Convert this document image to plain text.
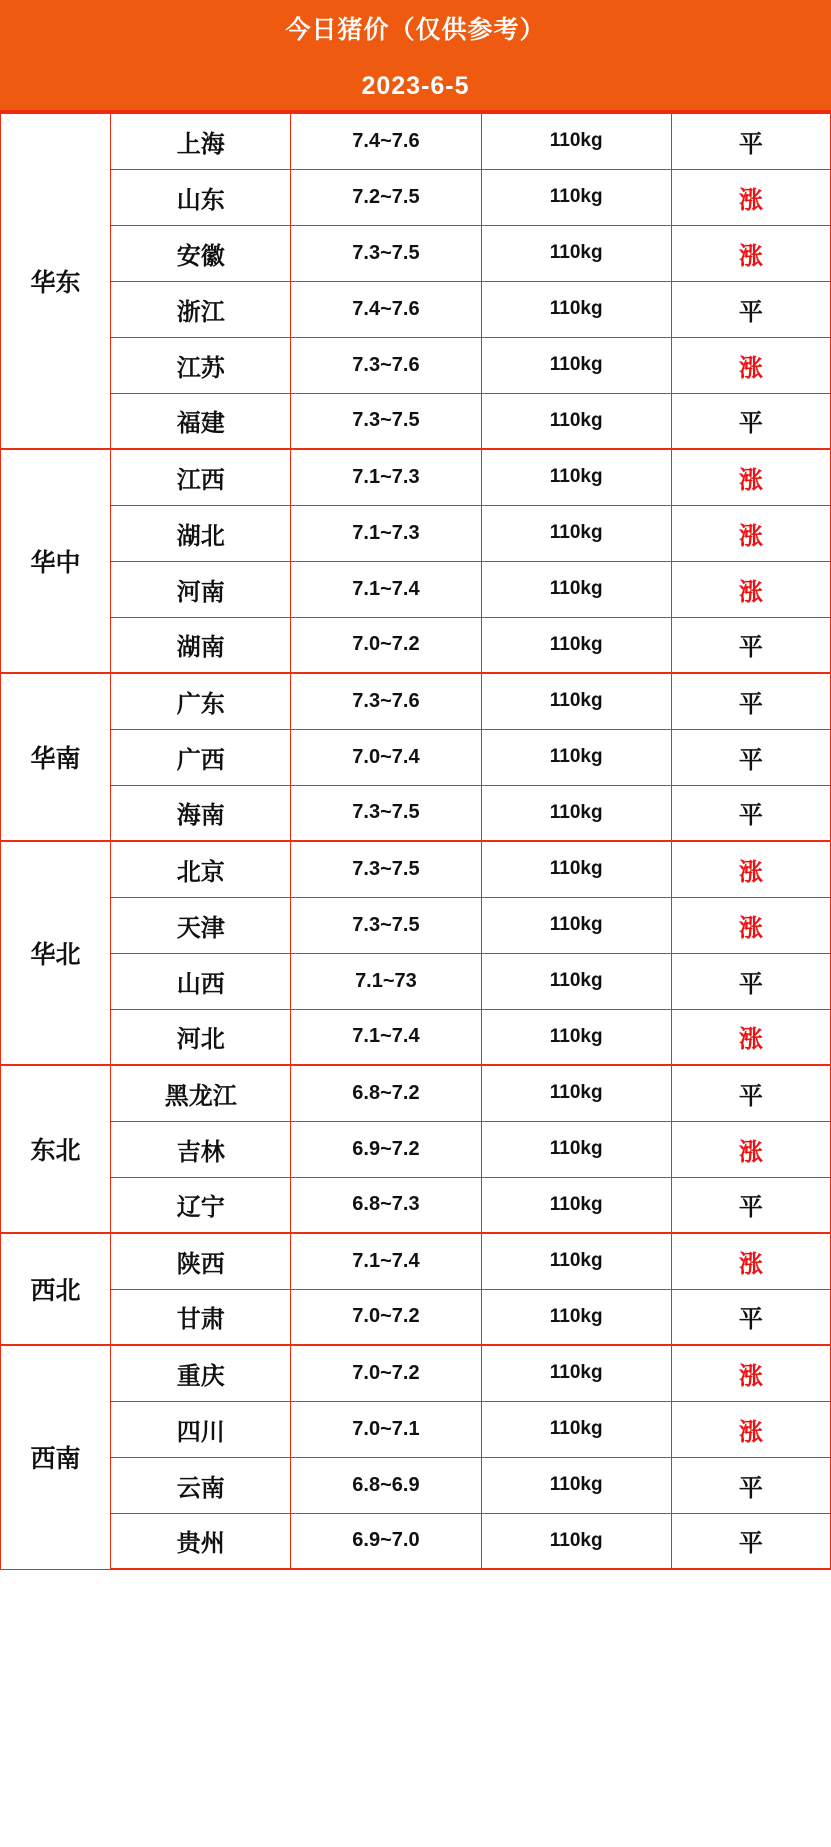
今日猪价（仅供参考）
2023-6-5
华东	上海	7.4~7.6	110kg	平
	山东	7.2~7.5	110kg	涨
	安徽	7.3~7.5	110kg	涨
	浙江	7.4~7.6	110kg	平
	江苏	7.3~7.6	110kg	涨
	福建	7.3~7.5	110kg	平
华中	江西	7.1~7.3	110kg	涨
	湖北	7.1~7.3	110kg	涨
	河南	7.1~7.4	110kg	涨
	湖南	7.0~7.2	110kg	平
华南	广东	7.3~7.6	110kg	平
	广西	7.0~7.4	110kg	平
	海南	7.3~7.5	110kg	平
华北	北京	7.3~7.5	110kg	涨
	天津	7.3~7.5	110kg	涨
	山西	7.1~73	110kg	平
	河北	7.1~7.4	110kg	涨
东北	黑龙江	6.8~7.2	110kg	平
	吉林	6.9~7.2	110kg	涨
	辽宁	6.8~7.3	110kg	平
西北	陕西	7.1~7.4	110kg	涨
	甘肃	7.0~7.2	110kg	平
西南	重庆	7.0~7.2	110kg	涨
	四川	7.0~7.1	110kg	涨
	云南	6.8~6.9	110kg	平
	贵州	6.9~7.0	110kg	平
